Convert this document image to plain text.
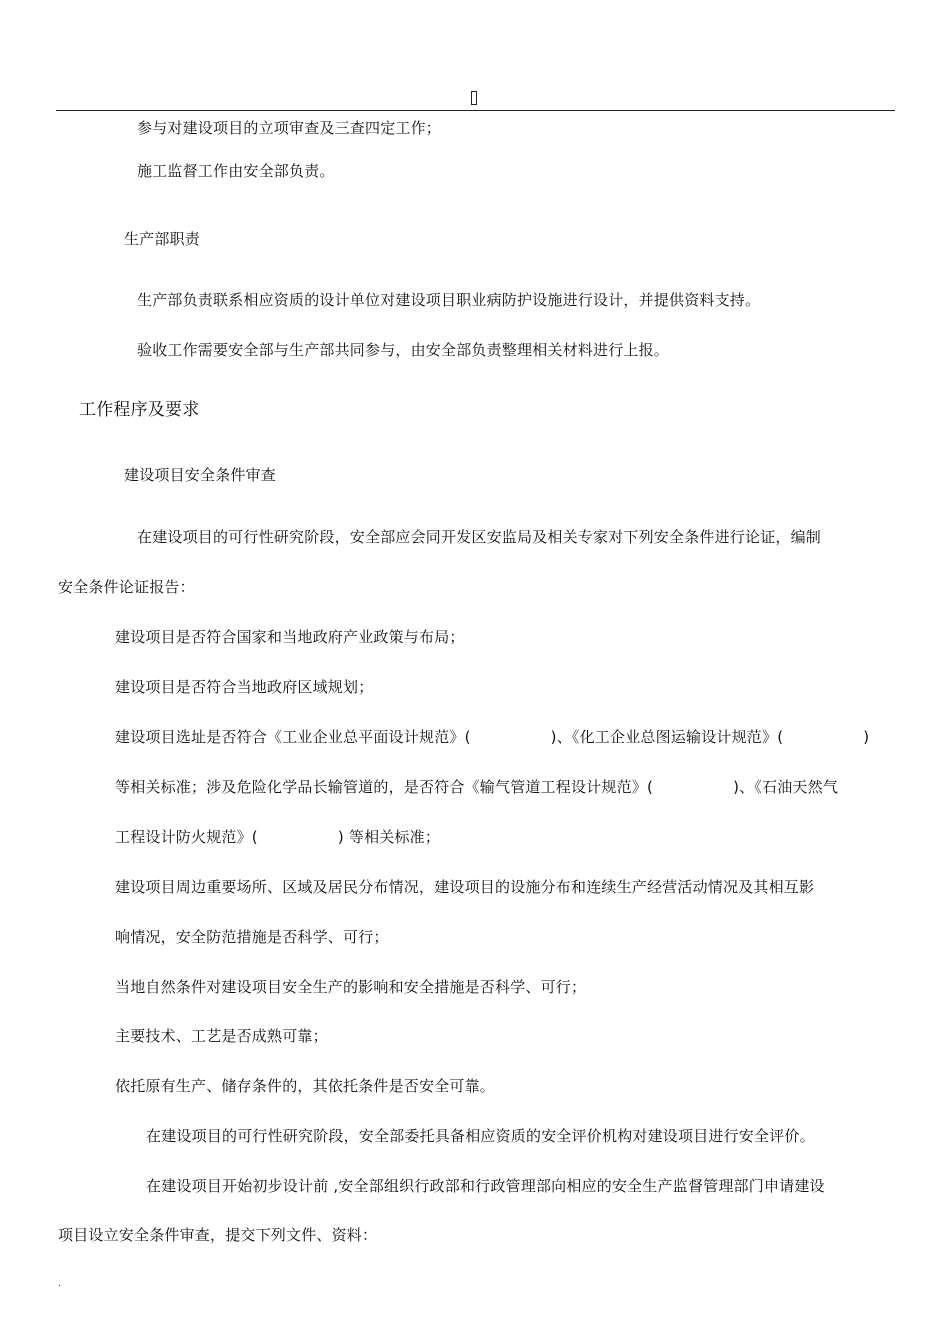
参与对建设项目的立项审查及三查四定工作；
施工监督工作由安全部负责。
生产部职责
生产部负责联系相应资质的设计单位对建设项目职业病防护设施进行设计，并提供资料支持。
验收工作需要安全部与生产部共同参与，由安全部负责整理相关材料进行上报。
工作程序及要求
建设项目安全条件审查
在建设项目的可行性研究阶段，安全部应会同开发区安监局及相关专家对下列安全条件进行论证，编制
安全条件论证报告：
建设项目是否符合国家和当地政府产业政策与布局；
建设项目是否符合当地政府区域规划；
建设项目选址是否符合《工业企业总平面设计规范》(	)、《化工企业总图运输设计规范》(	)
等相关标准；涉及危险化学品长输管道的，是否符合《输气管道工程设计规范》(	)、《石油天然气
工程设计防火规范》(	) 等相关标准；
建设项目周边重要场所、区域及居民分布情况，建设项目的设施分布和连续生产经营活动情况及其相互影
响情况，安全防范措施是否科学、可行；
当地自然条件对建设项目安全生产的影响和安全措施是否科学、可行；
主要技术、工艺是否成熟可靠；
依托原有生产、储存条件的，其依托条件是否安全可靠。
在建设项目的可行性研究阶段，安全部委托具备相应资质的安全评价机构对建设项目进行安全评价。
在建设项目开始初步设计前 ,安全部组织行政部和行政管理部向相应的安全生产监督管理部门申请建设
项目设立安全条件审查，提交下列文件、资料：
.
